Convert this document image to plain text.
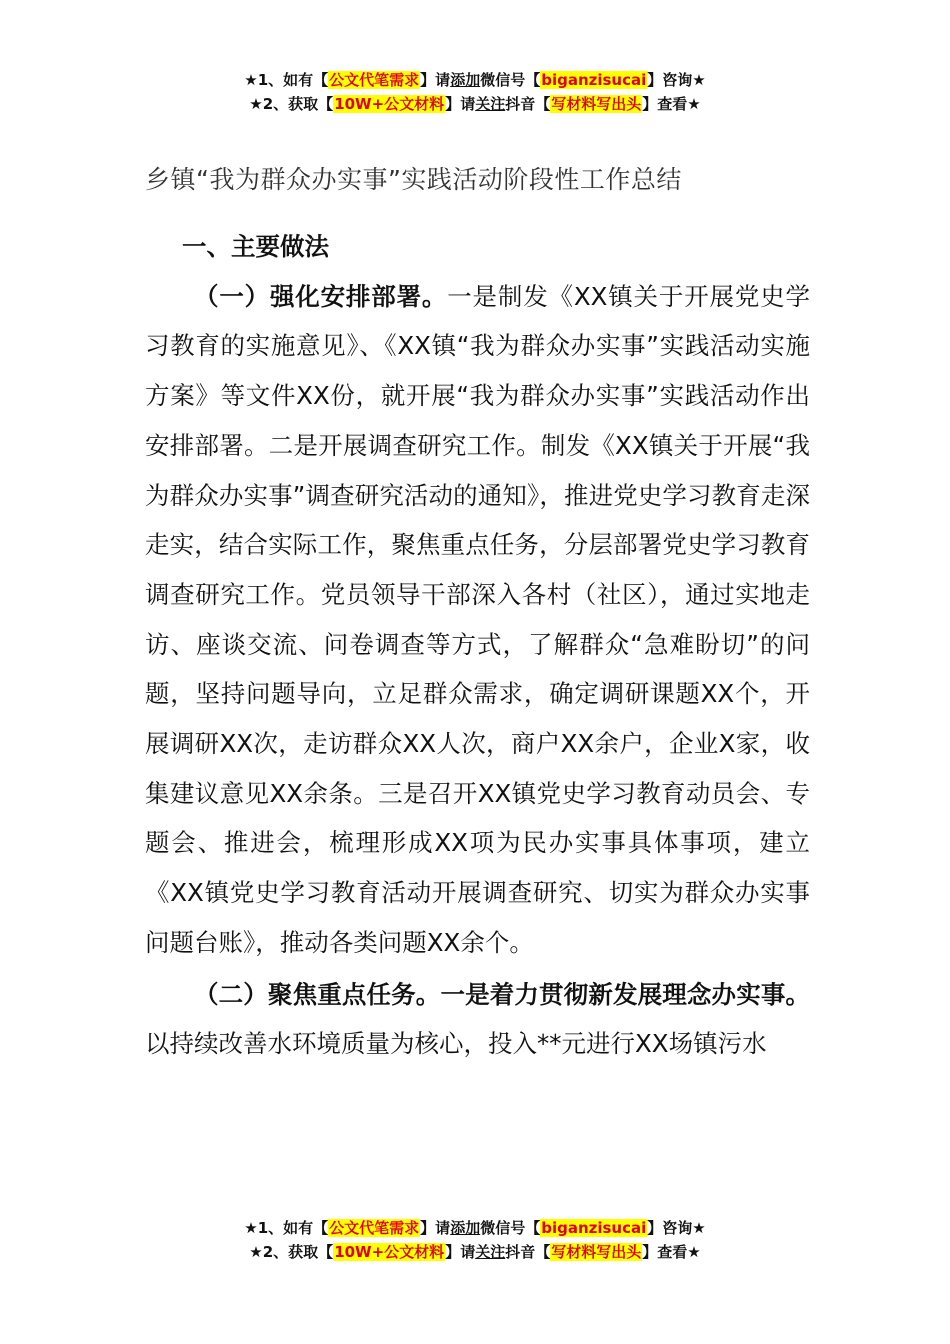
★1、如有【公文代笔需求】请添加微信号【biganzisucai】咨询★
★2、获取【10W+公文材料】请关注抖音【写材料写出头】查看★
乡镇“我为群众办实事”实践活动阶段性工作总结

一、主要做法

（一）强化安排部署。一是制发《XX镇关于开展党史学习教育的实施意见》、《XX镇“我为群众办实事”实践活动实施方案》等文件XX份，就开展“我为群众办实事”实践活动作出安排部署。二是开展调查研究工作。制发《XX镇关于开展“我为群众办实事”调查研究活动的通知》，推进党史学习教育走深走实，结合实际工作，聚焦重点任务，分层部署党史学习教育调查研究工作。党员领导干部深入各村（社区），通过实地走访、座谈交流、问卷调查等方式，了解群众“急难盼切”的问题，坚持问题导向，立足群众需求，确定调研课题XX个，开展调研XX次，走访群众XX人次，商户XX余户，企业X家，收集建议意见XX余条。三是召开XX镇党史学习教育动员会、专题会、推进会，梳理形成XX项为民办实事具体事项，建立《XX镇党史学习教育活动开展调查研究、切实为群众办实事问题台账》，推动各类问题XX余个。

（二）聚焦重点任务。一是着力贯彻新发展理念办实事。以持续改善水环境质量为核心，投入**元进行XX场镇污水

★1、如有【公文代笔需求】请添加微信号【biganzisucai】咨询★
★2、获取【10W+公文材料】请关注抖音【写材料写出头】查看★
